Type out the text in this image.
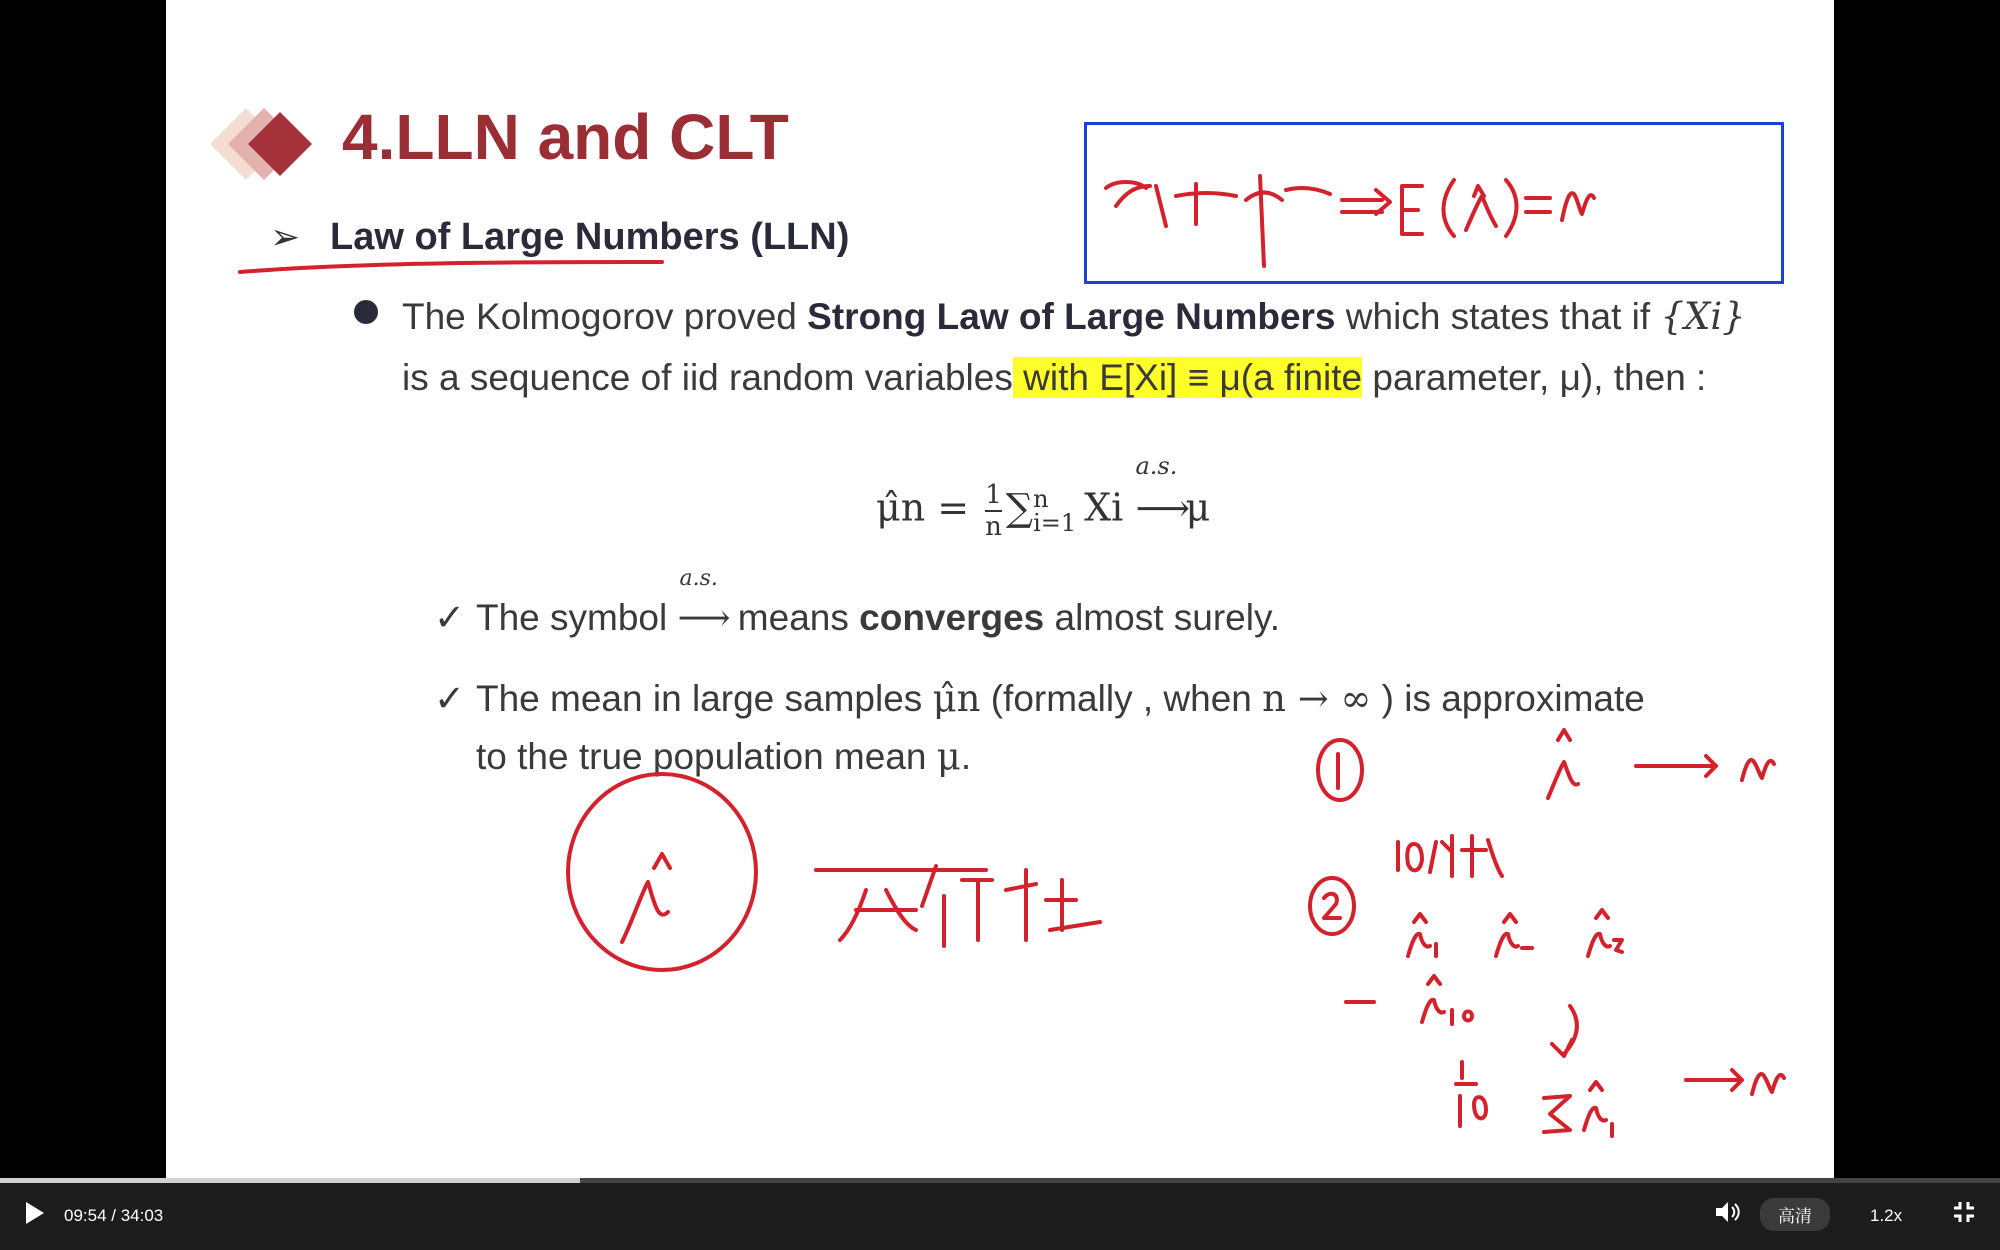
4.LLN and CLT
➢ Law of Large Numbers (LLN)
The Kolmogorov proved Strong Law of Large Numbers which states that if {Xi} is a sequence of iid random variables with E[Xi] ≡ μ(a finite parameter, μ), then :
μ̂n = $\frac{1}{n}$ ∑ n
i=1 Xi
a.s.
⟶μ
✓ The symbol
a.s.
⟶ means converges almost surely.
✓ The mean in large samples μ̂n (formally , when n → ∞ ) is approximate to the true population mean μ.
09:54 / 34:03	高清	1.2x
